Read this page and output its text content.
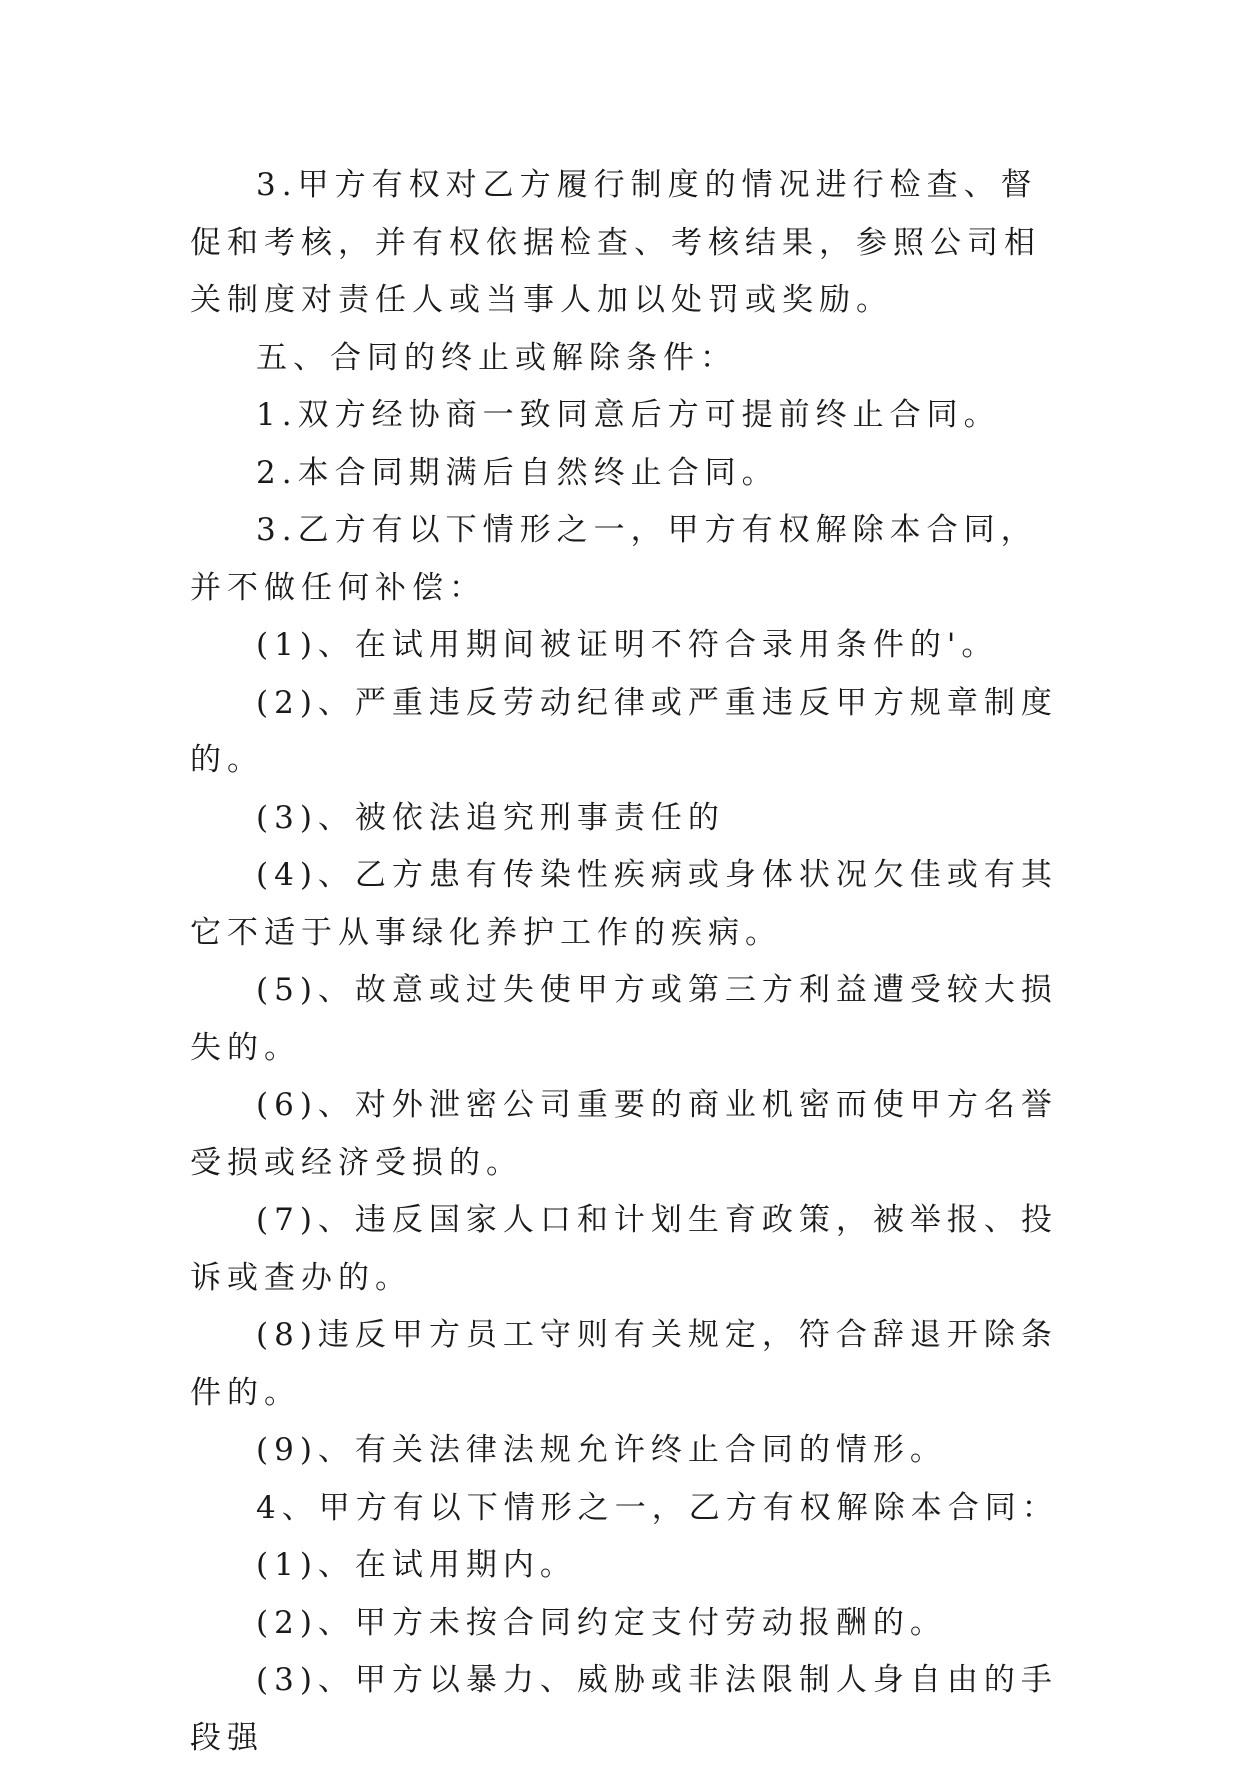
3.甲方有权对乙方履行制度的情况进行检查、督促和考核，并有权依据检查、考核结果，参照公司相关制度对责任人或当事人加以处罚或奖励。

五、合同的终止或解除条件：

1.双方经协商一致同意后方可提前终止合同。

2.本合同期满后自然终止合同。

3.乙方有以下情形之一，甲方有权解除本合同，并不做任何补偿：

(1)、在试用期间被证明不符合录用条件的'。

(2)、严重违反劳动纪律或严重违反甲方规章制度的。

(3)、被依法追究刑事责任的

(4)、乙方患有传染性疾病或身体状况欠佳或有其它不适于从事绿化养护工作的疾病。

(5)、故意或过失使甲方或第三方利益遭受较大损失的。

(6)、对外泄密公司重要的商业机密而使甲方名誉受损或经济受损的。

(7)、违反国家人口和计划生育政策，被举报、投诉或查办的。

(8)违反甲方员工守则有关规定，符合辞退开除条件的。

(9)、有关法律法规允许终止合同的情形。

4、甲方有以下情形之一，乙方有权解除本合同：

(1)、在试用期内。

(2)、甲方未按合同约定支付劳动报酬的。

(3)、甲方以暴力、威胁或非法限制人身自由的手段强
